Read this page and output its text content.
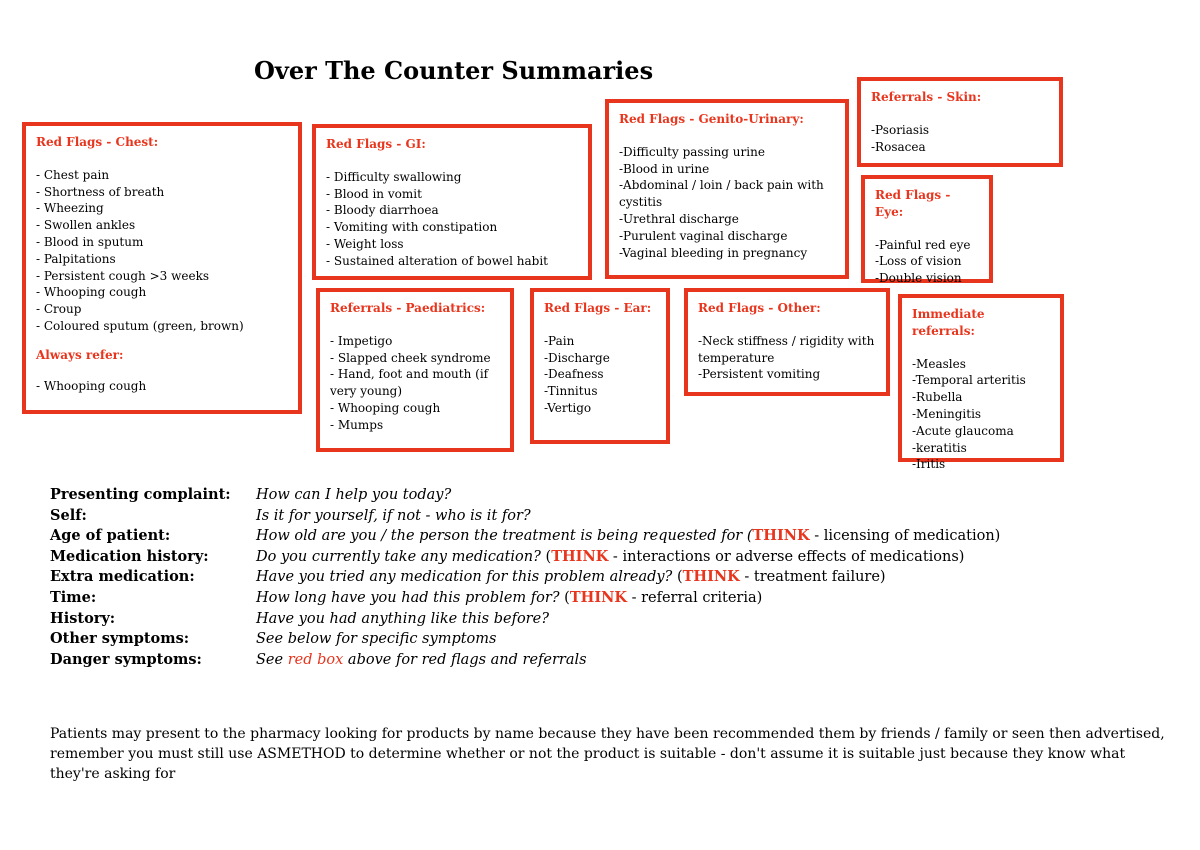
Over The Counter Summaries
Red Flags - Chest:
- Chest pain
- Shortness of breath
- Wheezing
- Swollen ankles
- Blood in sputum
- Palpitations
- Persistent cough >3 weeks
- Whooping cough
- Croup
- Coloured sputum (green, brown)
Always refer:
- Whooping cough
Red Flags - GI:
- Difficulty swallowing
- Blood in vomit
- Bloody diarrhoea
- Vomiting with constipation
- Weight loss
- Sustained alteration of bowel habit
Red Flags - Genito-Urinary:
-Difficulty passing urine
-Blood in urine
-Abdominal / loin / back pain with cystitis
-Urethral discharge
-Purulent vaginal discharge
-Vaginal bleeding in pregnancy
Referrals - Skin:
-Psoriasis
-Rosacea
Red Flags - Eye:
-Painful red eye
-Loss of vision
-Double vision
Referrals - Paediatrics:
- Impetigo
- Slapped cheek syndrome
- Hand, foot and mouth (if very young)
- Whooping cough
- Mumps
Red Flags - Ear:
-Pain
-Discharge
-Deafness
-Tinnitus
-Vertigo
Red Flags - Other:
-Neck stiffness / rigidity with temperature
-Persistent vomiting
Immediate referrals:
-Measles
-Temporal arteritis
-Rubella
-Meningitis
-Acute glaucoma
-keratitis
-Iritis
Presenting complaint:	How can I help you today?
Self:	Is it for yourself, if not - who is it for?
Age of patient:	How old are you / the person the treatment is being requested for (THINK - licensing of medication)
Medication history:	Do you currently take any medication? (THINK - interactions or adverse effects of medications)
Extra medication:	Have you tried any medication for this problem already? (THINK - treatment failure)
Time:	How long have you had this problem for? (THINK - referral criteria)
History:	Have you had anything like this before?
Other symptoms:	See below for specific symptoms
Danger symptoms:	See red box above for red flags and referrals
Patients may present to the pharmacy looking for products by name because they have been recommended them by friends / family or seen then advertised, remember you must still use ASMETHOD to determine whether or not the product is suitable - don't assume it is suitable just because they know what they're asking for
